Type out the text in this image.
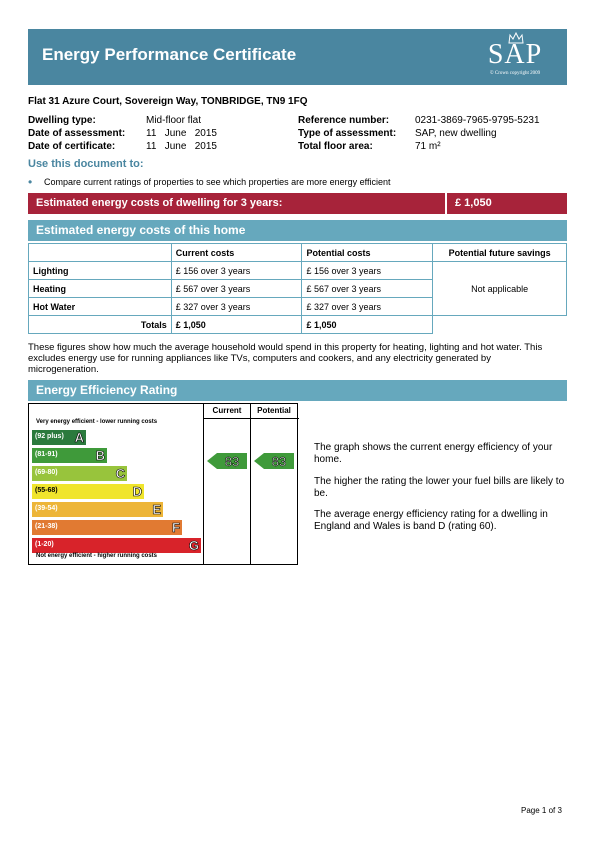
Energy Performance Certificate	SAP
© Crown copyright 2009
Flat 31 Azure Court, Sovereign Way, TONBRIDGE, TN9 1FQ
Dwelling type:	Mid-floor flat
Date of assessment: 11   June   2015
Date of certificate:	11   June   2015
Reference number:	0231-3869-7965-9795-5231
Type of assessment: SAP, new dwelling
Total floor area:	71 m²
Use this document to:
• Compare current ratings of properties to see which properties are more energy efficient
Estimated energy costs of dwelling for 3 years:	£ 1,050
Estimated energy costs of this home
	Current costs	Potential costs	Potential future savings
Lighting	£ 156 over 3 years	£ 156 over 3 years	Not applicable
Heating	£ 567 over 3 years	£ 567 over 3 years	
Hot Water	£ 327 over 3 years	£ 327 over 3 years	
Totals	£ 1,050	£ 1,050	
These figures show how much the average household would spend in this property for heating, lighting and hot water. This excludes energy use for running appliances like TVs, computers and cookers, and any electricity generated by microgeneration.
Energy Efficiency Rating
Very energy efficient - lower running costs
(92 plus) A
(81-91)	B
(69-80)	C
(55-68)	D
(39-54)	E
(21-38)	F
(1-20)	G
Not energy efficient - higher running costs
Current	Potential
83	83
The graph shows the current energy efficiency of your home.
The higher the rating the lower your fuel bills are likely to be.
The average energy efficiency rating for a dwelling in England and Wales is band D (rating 60).
Page 1 of 3
